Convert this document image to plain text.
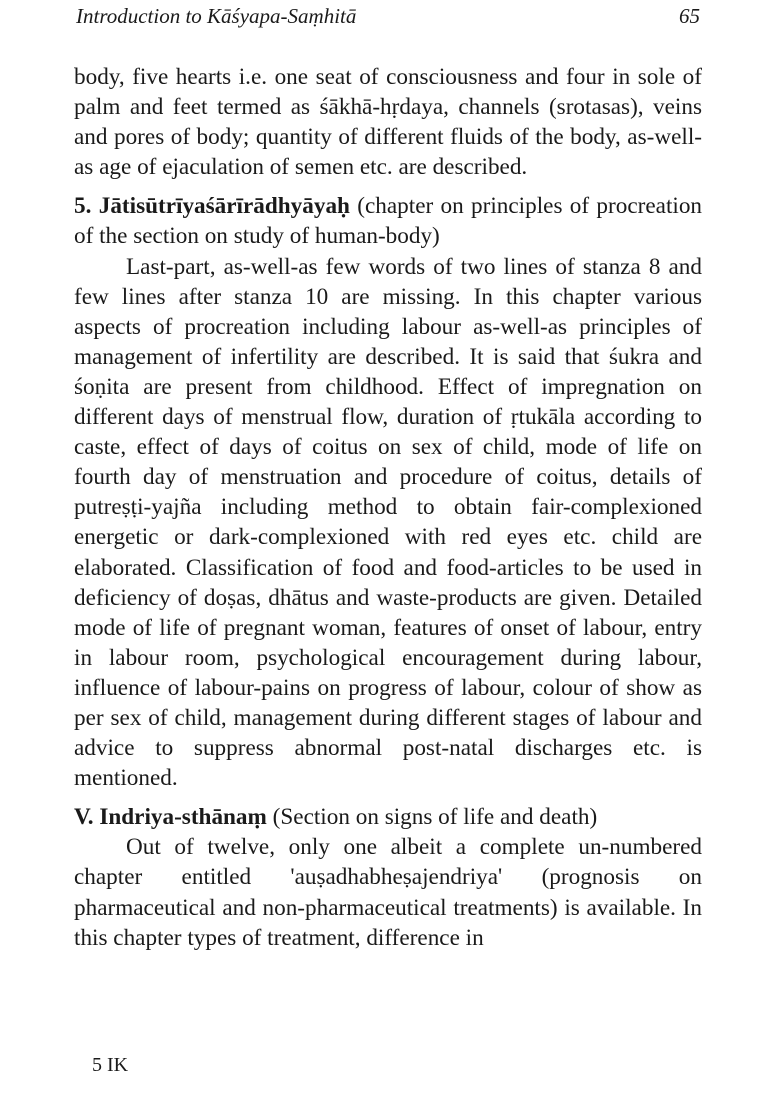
Introduction to Kāśyapa-Saṃhitā	65

body, five hearts i.e. one seat of consciousness and four in sole of palm and feet termed as śākhā-hṛdaya, channels (srotasas), veins and pores of body; quantity of different fluids of the body, as-well-as age of ejaculation of semen etc. are described.

5. Jātisūtrīyaśārīrādhyāyaḥ (chapter on principles of procreation of the section on study of human-body)

Last-part, as-well-as few words of two lines of stanza 8 and few lines after stanza 10 are missing. In this chapter various aspects of procreation including labour as-well-as principles of management of infertility are described. It is said that śukra and śoṇita are present from childhood. Effect of impregnation on different days of menstrual flow, duration of ṛtukāla according to caste, effect of days of coitus on sex of child, mode of life on fourth day of menstruation and procedure of coitus, details of putreṣṭi-yajña including method to obtain fair-complexioned energetic or dark-complexioned with red eyes etc. child are elaborated. Classification of food and food-articles to be used in deficiency of doṣas, dhātus and waste-products are given. Detailed mode of life of pregnant woman, features of onset of labour, entry in labour room, psychological encouragement during labour, influence of labour-pains on progress of labour, colour of show as per sex of child, management during different stages of labour and advice to suppress abnormal post-natal discharges etc. is mentioned.

V. Indriya-sthānaṃ (Section on signs of life and death)

Out of twelve, only one albeit a complete un-numbered chapter entitled 'auṣadhabheṣajendriya' (prognosis on pharmaceutical and non-pharmaceutical treatments) is available. In this chapter types of treatment, difference in

5 IK
